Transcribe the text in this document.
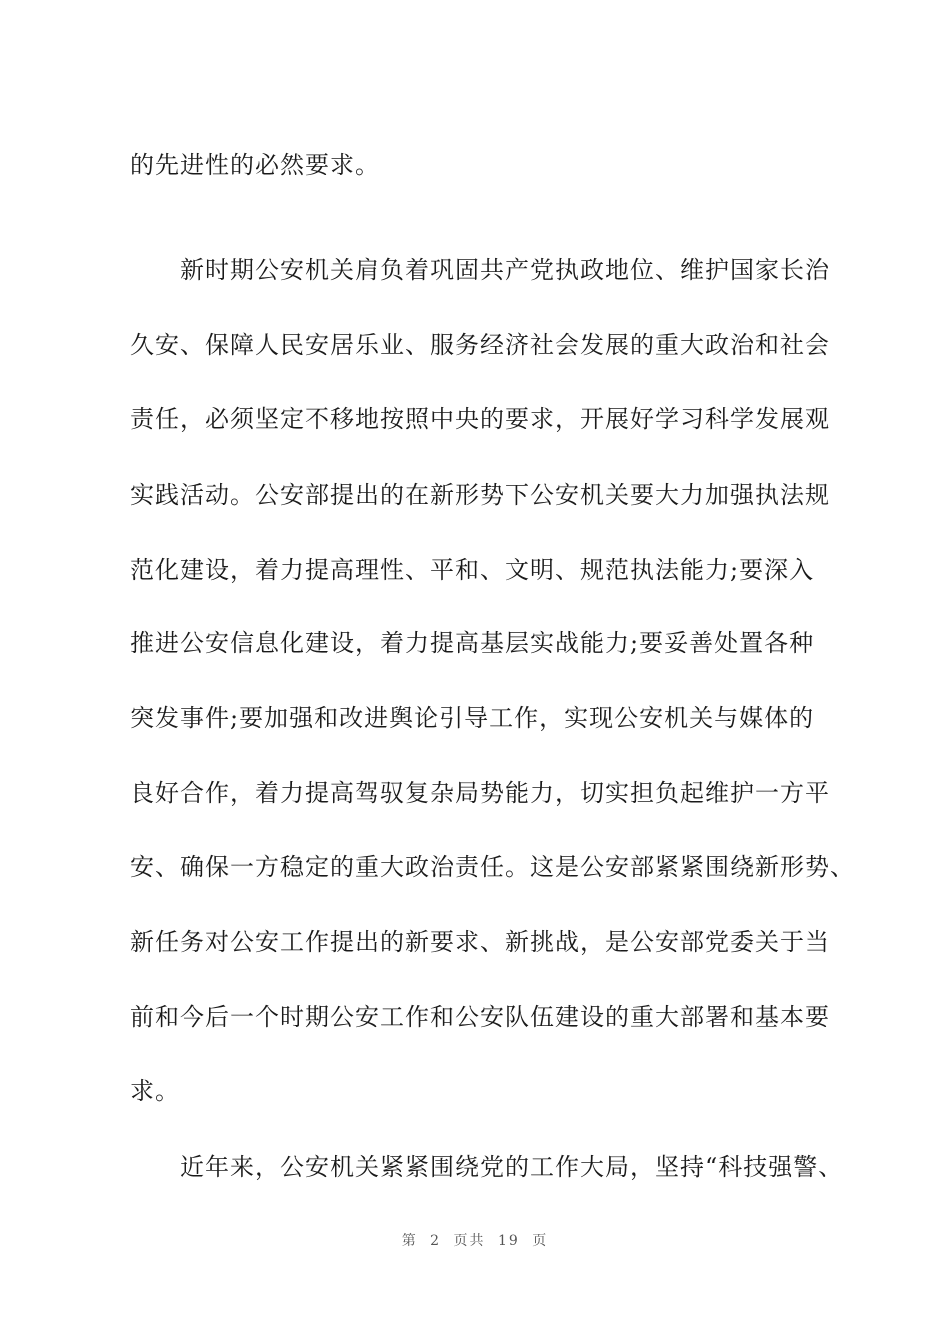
的先进性的必然要求。
新时期公安机关肩负着巩固共产党执政地位、维护国家长治
久安、保障人民安居乐业、服务经济社会发展的重大政治和社会
责任，必须坚定不移地按照中央的要求，开展好学习科学发展观
实践活动。公安部提出的在新形势下公安机关要大力加强执法规
范化建设，着力提高理性、平和、文明、规范执法能力;要深入
推进公安信息化建设，着力提高基层实战能力;要妥善处置各种
突发事件;要加强和改进舆论引导工作，实现公安机关与媒体的
良好合作，着力提高驾驭复杂局势能力，切实担负起维护一方平
安、确保一方稳定的重大政治责任。这是公安部紧紧围绕新形势、
新任务对公安工作提出的新要求、新挑战，是公安部党委关于当
前和今后一个时期公安工作和公安队伍建设的重大部署和基本要
求。
近年来，公安机关紧紧围绕党的工作大局，坚持“科技强警、
第 2 页共 19 页
